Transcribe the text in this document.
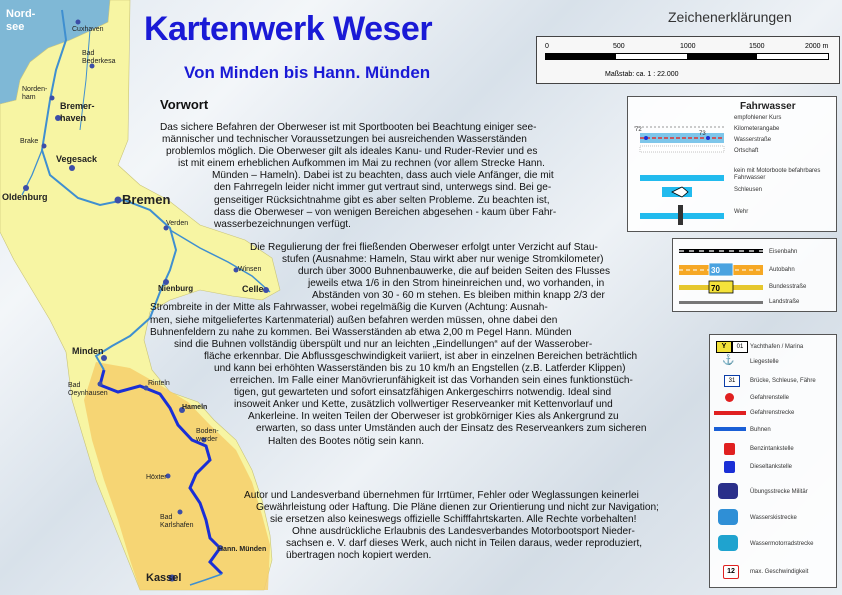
Nord-
see	Cuxhaven
Bad
Bederkesa
Norden-
ham
Bremer-
haven
Brake
Vegesack
Oldenburg	Bremen
Verden
Winsen
Nienburg	Celle
Minden
Bad
Oeynhausen
Rinteln
Hameln
Boden-
werder
Höxter
Bad
Karlshafen
Hann. Münden
Kassel
Kartenwerk Weser
Von Minden bis Hann. Münden
Zeichenerklärungen
0	500	1000	1500	2000 m
Maßstab: ca. 1 : 22.000
Vorwort
Das sichere Befahren der Oberweser ist mit Sportbooten bei Beachtung einiger see-
männischer und technischer Voraussetzungen bei ausreichenden Wasserständen
problemlos möglich. Die Oberweser gilt als ideales Kanu- und Ruder-Revier und es
ist mit einem erheblichen Aufkommen im Mai zu rechnen (vor allem Strecke Hann.
Münden – Hameln). Dabei ist zu beachten, dass auch viele Anfänger, die mit
den Fahrregeln leider nicht immer gut vertraut sind, unterwegs sind. Bei ge-
genseitiger Rücksichtnahme gibt es aber selten Probleme. Zu beachten ist,
dass die Oberweser – von wenigen Bereichen abgesehen - kaum über Fahr-
wasserbezeichnungen verfügt.
Die Regulierung der frei fließenden Oberweser erfolgt unter Verzicht auf Stau-
stufen (Ausnahme: Hameln, Stau wirkt aber nur wenige Stromkilometer)
durch über 3000 Buhnenbauwerke, die auf beiden Seiten des Flusses
jeweils etwa 1/6 in den Strom hineinreichen und, wo vorhanden, in
Abständen von 30 - 60 m stehen. Es bleiben mithin knapp 2/3 der
Strombreite in der Mitte als Fahrwasser, wobei regelmäßig die Kurven (Achtung: Ausnah-
men, siehe mitgeliefertes Kartenmaterial) außen befahren werden müssen, ohne dabei den
Buhnenfeldern zu nahe zu kommen. Bei Wasserständen ab etwa 2,00 m Pegel Hann. Münden
sind die Buhnen vollständig überspült und nur an leichten „Eindellungen“ auf der Wasserober-
fläche erkennbar. Die Abflussgeschwindigkeit variiert, ist aber in einzelnen Bereichen beträchtlich
und kann bei erhöhten Wasserständen bis zu 10 km/h an Engstellen (z.B. Latferder Klippen)
erreichen. Im Falle einer Manövrierunfähigkeit ist das Vorhanden sein eines funktionstüch-
tigen, gut gewarteten und sofort einsatzfähigen Ankergeschirrs notwendig. Ideal sind
insoweit Anker und Kette, zusätzlich vollwertiger Reserveanker mit Kettenvorlauf und
Ankerleine. In weiten Teilen der Oberweser ist grobkörniger Kies als Ankergrund zu
erwarten, so dass unter Umständen auch der Einsatz des Reserveankers zum sicheren
Halten des Bootes nötig sein kann.
Autor und Landesverband übernehmen für Irrtümer, Fehler oder Weglassungen keinerlei
Gewährleistung oder Haftung. Die Pläne dienen zur Orientierung und nicht zur Navigation;
sie ersetzen also keineswegs offizielle Schifffahrtskarten. Alle Rechte vorbehalten!
Ohne ausdrückliche Erlaubnis des Landesverbandes Motorbootsport Nieder-
sachsen e. V. darf dieses Werk, auch nicht in Teilen daraus, weder reproduziert,
übertragen noch kopiert werden.
Fahrwasser
72
73
empfohlener Kurs
Kilometerangabe
Wasserstraße
Ortschaft
kein mit Motorboote befahrbares Fahrwasser
Schleusen
Wehr
30
70
Eisenbahn
Autobahn
Bundesstraße
Landstraße
Y	01
⚓
31
12
Yachthafen / Marina
Liegestelle
Brücke, Schleuse, Fähre
Gefahrenstelle
Gefahrenstrecke
Buhnen
Benzintankstelle
Dieseltankstelle
Übungsstrecke Militär
Wasserskistrecke
Wassermotorradstrecke
max. Geschwindigkeit
